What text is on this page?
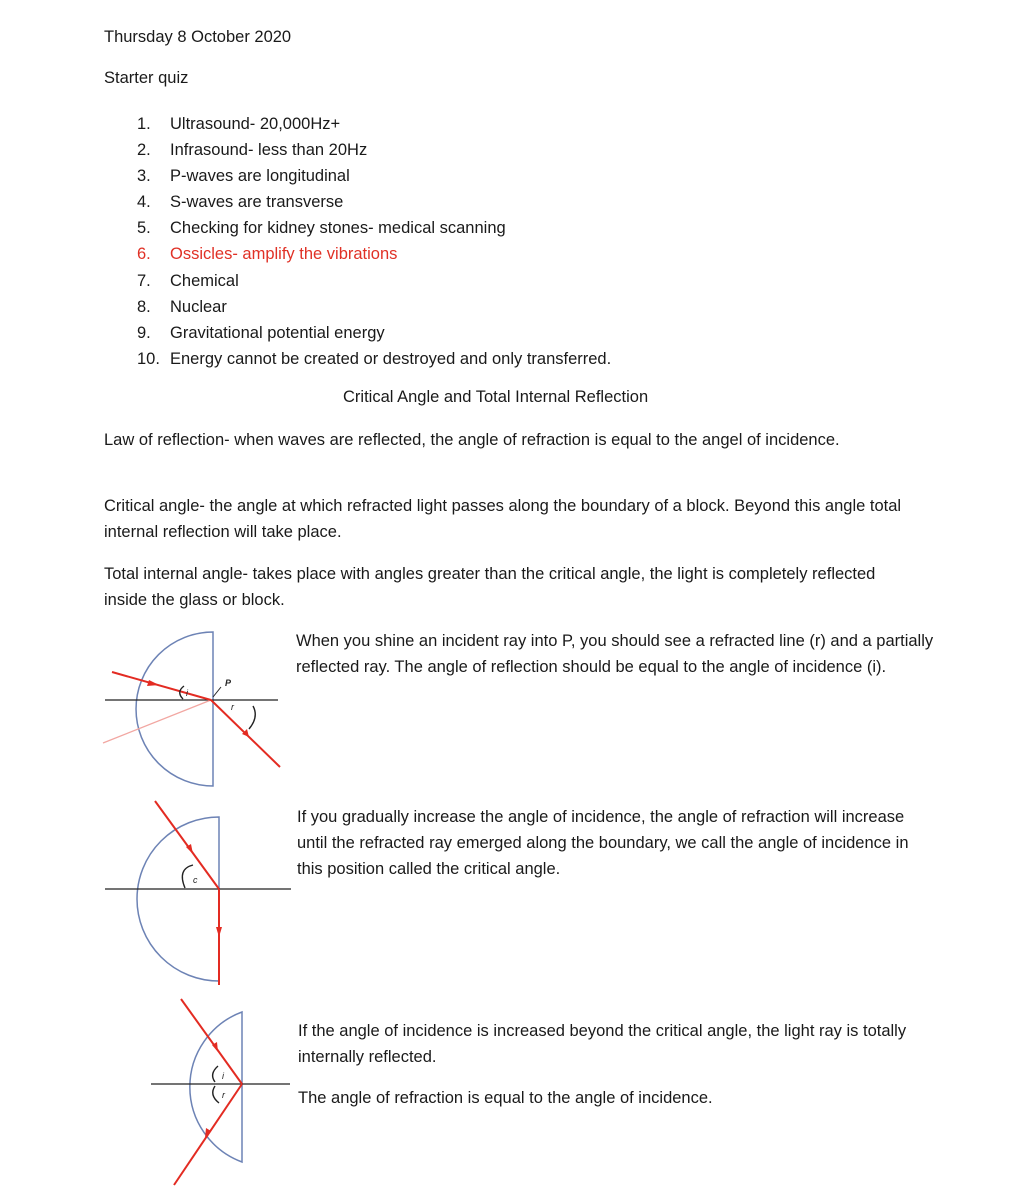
Thursday 8 October 2020

Starter quiz

1. Ultrasound- 20,000Hz+
2. Infrasound- less than 20Hz
3. P-waves are longitudinal
4. S-waves are transverse
5. Checking for kidney stones- medical scanning
6. Ossicles- amplify the vibrations
7. Chemical
8. Nuclear
9. Gravitational potential energy
10. Energy cannot be created or destroyed and only transferred.

Critical Angle and Total Internal Reflection

Law of reflection- when waves are reflected, the angle of refraction is equal to the angel of incidence.

Critical angle- the angle at which refracted light passes along the boundary of a block. Beyond this angle total internal reflection will take place.

Total internal angle- takes place with angles greater than the critical angle, the light is completely reflected inside the glass or block.

i
r
P

When you shine an incident ray into P, you should see a refracted line (r) and a partially reflected ray. The angle of reflection should be equal to the angle of incidence (i).

c

If you gradually increase the angle of incidence, the angle of refraction will increase until the refracted ray emerged along the boundary, we call the angle of incidence in this position called the critical angle.

i
r

If the angle of incidence is increased beyond the critical angle, the light ray is totally internally reflected.

The angle of refraction is equal to the angle of incidence.
